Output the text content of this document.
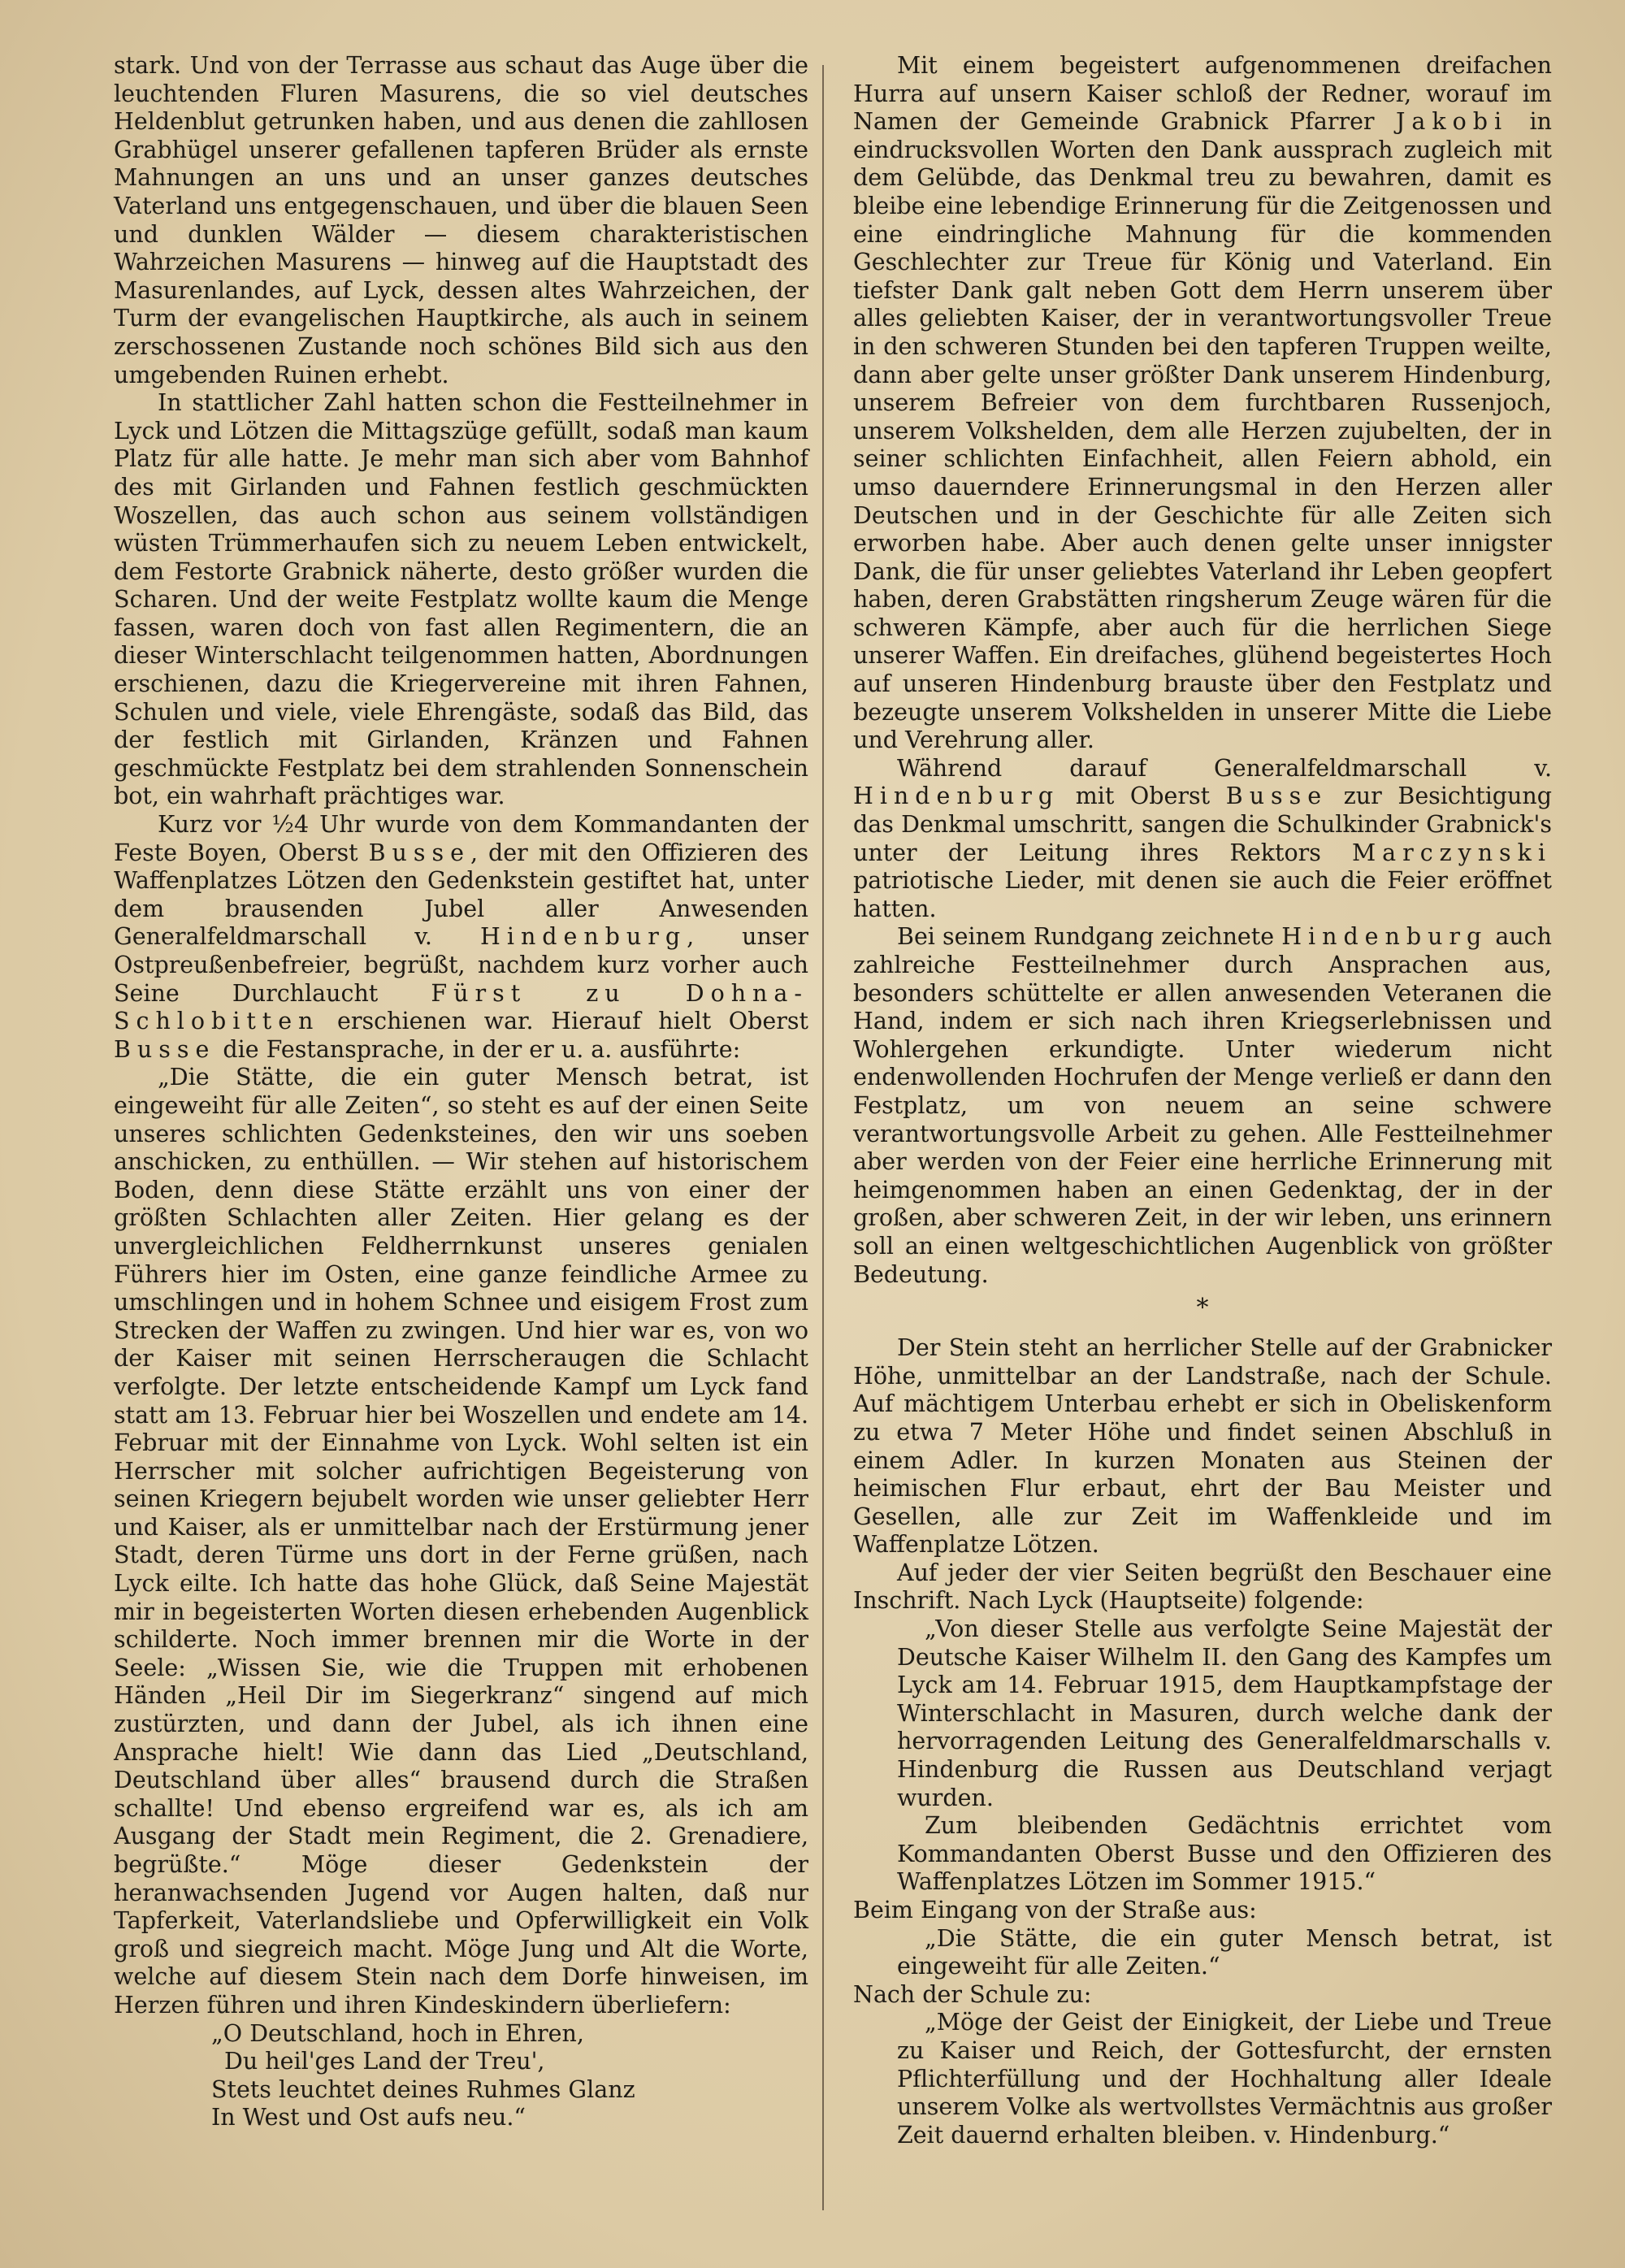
stark. Und von der Terrasse aus schaut das Auge über die leuchtenden Fluren Masurens, die so viel deutsches Heldenblut getrunken haben, und aus denen die zahllosen Grabhügel unserer gefallenen tapferen Brüder als ernste Mahnungen an uns und an unser ganzes deutsches Vaterland uns entgegenschauen, und über die blauen Seen und dunklen Wälder — diesem charakteristischen Wahrzeichen Masurens — hinweg auf die Hauptstadt des Masurenlandes, auf Lyck, dessen altes Wahrzeichen, der Turm der evangelischen Hauptkirche, als auch in seinem zerschossenen Zustande noch schönes Bild sich aus den umgebenden Ruinen erhebt.

In stattlicher Zahl hatten schon die Festteilnehmer in Lyck und Lötzen die Mittagszüge gefüllt, sodaß man kaum Platz für alle hatte. Je mehr man sich aber vom Bahnhof des mit Girlanden und Fahnen festlich geschmückten Woszellen, das auch schon aus seinem vollständigen wüsten Trümmerhaufen sich zu neuem Leben entwickelt, dem Festorte Grabnick näherte, desto größer wurden die Scharen. Und der weite Festplatz wollte kaum die Menge fassen, waren doch von fast allen Regimentern, die an dieser Winterschlacht teilgenommen hatten, Abordnungen erschienen, dazu die Kriegervereine mit ihren Fahnen, Schulen und viele, viele Ehrengäste, sodaß das Bild, das der festlich mit Girlanden, Kränzen und Fahnen geschmückte Festplatz bei dem strahlenden Sonnenschein bot, ein wahrhaft prächtiges war.

Kurz vor ½4 Uhr wurde von dem Kommandanten der Feste Boyen, Oberst Busse, der mit den Offizieren des Waffenplatzes Lötzen den Gedenkstein gestiftet hat, unter dem brausenden Jubel aller Anwesenden Generalfeldmarschall v. Hindenburg, unser Ostpreußenbefreier, begrüßt, nachdem kurz vorher auch Seine Durchlaucht Fürst zu Dohna-Schlobitten erschienen war. Hierauf hielt Oberst Busse die Festansprache, in der er u. a. ausführte:

„Die Stätte, die ein guter Mensch betrat, ist eingeweiht für alle Zeiten“, so steht es auf der einen Seite unseres schlichten Gedenksteines, den wir uns soeben anschicken, zu enthüllen. — Wir stehen auf historischem Boden, denn diese Stätte erzählt uns von einer der größten Schlachten aller Zeiten. Hier gelang es der unvergleichlichen Feldherrnkunst unseres genialen Führers hier im Osten, eine ganze feindliche Armee zu umschlingen und in hohem Schnee und eisigem Frost zum Strecken der Waffen zu zwingen. Und hier war es, von wo der Kaiser mit seinen Herrscheraugen die Schlacht verfolgte. Der letzte entscheidende Kampf um Lyck fand statt am 13. Februar hier bei Woszellen und endete am 14. Februar mit der Einnahme von Lyck. Wohl selten ist ein Herrscher mit solcher aufrichtigen Begeisterung von seinen Kriegern bejubelt worden wie unser geliebter Herr und Kaiser, als er unmittelbar nach der Erstürmung jener Stadt, deren Türme uns dort in der Ferne grüßen, nach Lyck eilte. Ich hatte das hohe Glück, daß Seine Majestät mir in begeisterten Worten diesen erhebenden Augenblick schilderte. Noch immer brennen mir die Worte in der Seele: „Wissen Sie, wie die Truppen mit erhobenen Händen „Heil Dir im Siegerkranz“ singend auf mich zustürzten, und dann der Jubel, als ich ihnen eine Ansprache hielt! Wie dann das Lied „Deutschland, Deutschland über alles“ brausend durch die Straßen schallte! Und ebenso ergreifend war es, als ich am Ausgang der Stadt mein Regiment, die 2. Grenadiere, begrüßte.“ Möge dieser Gedenkstein der heranwachsenden Jugend vor Augen halten, daß nur Tapferkeit, Vaterlandsliebe und Opferwilligkeit ein Volk groß und siegreich macht. Möge Jung und Alt die Worte, welche auf diesem Stein nach dem Dorfe hinweisen, im Herzen führen und ihren Kindeskindern überliefern:

„O Deutschland, hoch in Ehren,
Du heil'ges Land der Treu',
Stets leuchtet deines Ruhmes Glanz
In West und Ost aufs neu.“

Mit einem begeistert aufgenommenen dreifachen Hurra auf unsern Kaiser schloß der Redner, worauf im Namen der Gemeinde Grabnick Pfarrer Jakobi in eindrucksvollen Worten den Dank aussprach zugleich mit dem Gelübde, das Denkmal treu zu bewahren, damit es bleibe eine lebendige Erinnerung für die Zeitgenossen und eine eindringliche Mahnung für die kommenden Geschlechter zur Treue für König und Vaterland. Ein tiefster Dank galt neben Gott dem Herrn unserem über alles geliebten Kaiser, der in verantwortungsvoller Treue in den schweren Stunden bei den tapferen Truppen weilte, dann aber gelte unser größter Dank unserem Hindenburg, unserem Befreier von dem furchtbaren Russenjoch, unserem Volkshelden, dem alle Herzen zujubelten, der in seiner schlichten Einfachheit, allen Feiern abhold, ein umso dauerndere Erinnerungsmal in den Herzen aller Deutschen und in der Geschichte für alle Zeiten sich erworben habe. Aber auch denen gelte unser innigster Dank, die für unser geliebtes Vaterland ihr Leben geopfert haben, deren Grabstätten ringsherum Zeuge wären für die schweren Kämpfe, aber auch für die herrlichen Siege unserer Waffen. Ein dreifaches, glühend begeistertes Hoch auf unseren Hindenburg brauste über den Festplatz und bezeugte unserem Volkshelden in unserer Mitte die Liebe und Verehrung aller.

Während darauf Generalfeldmarschall v. Hindenburg mit Oberst Busse zur Besichtigung das Denkmal umschritt, sangen die Schulkinder Grabnick's unter der Leitung ihres Rektors Marczynski patriotische Lieder, mit denen sie auch die Feier eröffnet hatten.

Bei seinem Rundgang zeichnete Hindenburg auch zahlreiche Festteilnehmer durch Ansprachen aus, besonders schüttelte er allen anwesenden Veteranen die Hand, indem er sich nach ihren Kriegserlebnissen und Wohlergehen erkundigte. Unter wiederum nicht endenwollenden Hochrufen der Menge verließ er dann den Festplatz, um von neuem an seine schwere verantwortungsvolle Arbeit zu gehen. Alle Festteilnehmer aber werden von der Feier eine herrliche Erinnerung mit heimgenommen haben an einen Gedenktag, der in der großen, aber schweren Zeit, in der wir leben, uns erinnern soll an einen weltgeschichtlichen Augenblick von größter Bedeutung.

*

Der Stein steht an herrlicher Stelle auf der Grabnicker Höhe, unmittelbar an der Landstraße, nach der Schule. Auf mächtigem Unterbau erhebt er sich in Obeliskenform zu etwa 7 Meter Höhe und findet seinen Abschluß in einem Adler. In kurzen Monaten aus Steinen der heimischen Flur erbaut, ehrt der Bau Meister und Gesellen, alle zur Zeit im Waffenkleide und im Waffenplatze Lötzen.

Auf jeder der vier Seiten begrüßt den Beschauer eine Inschrift. Nach Lyck (Hauptseite) folgende:

„Von dieser Stelle aus verfolgte Seine Majestät der Deutsche Kaiser Wilhelm II. den Gang des Kampfes um Lyck am 14. Februar 1915, dem Hauptkampfstage der Winterschlacht in Masuren, durch welche dank der hervorragenden Leitung des Generalfeldmarschalls v. Hindenburg die Russen aus Deutschland verjagt wurden.

Zum bleibenden Gedächtnis errichtet vom Kommandanten Oberst Busse und den Offizieren des Waffenplatzes Lötzen im Sommer 1915.“

Beim Eingang von der Straße aus:

„Die Stätte, die ein guter Mensch betrat, ist eingeweiht für alle Zeiten.“

Nach der Schule zu:

„Möge der Geist der Einigkeit, der Liebe und Treue zu Kaiser und Reich, der Gottesfurcht, der ernsten Pflichterfüllung und der Hochhaltung aller Ideale unserem Volke als wertvollstes Vermächtnis aus großer Zeit dauernd erhalten bleiben. v. Hindenburg.“
